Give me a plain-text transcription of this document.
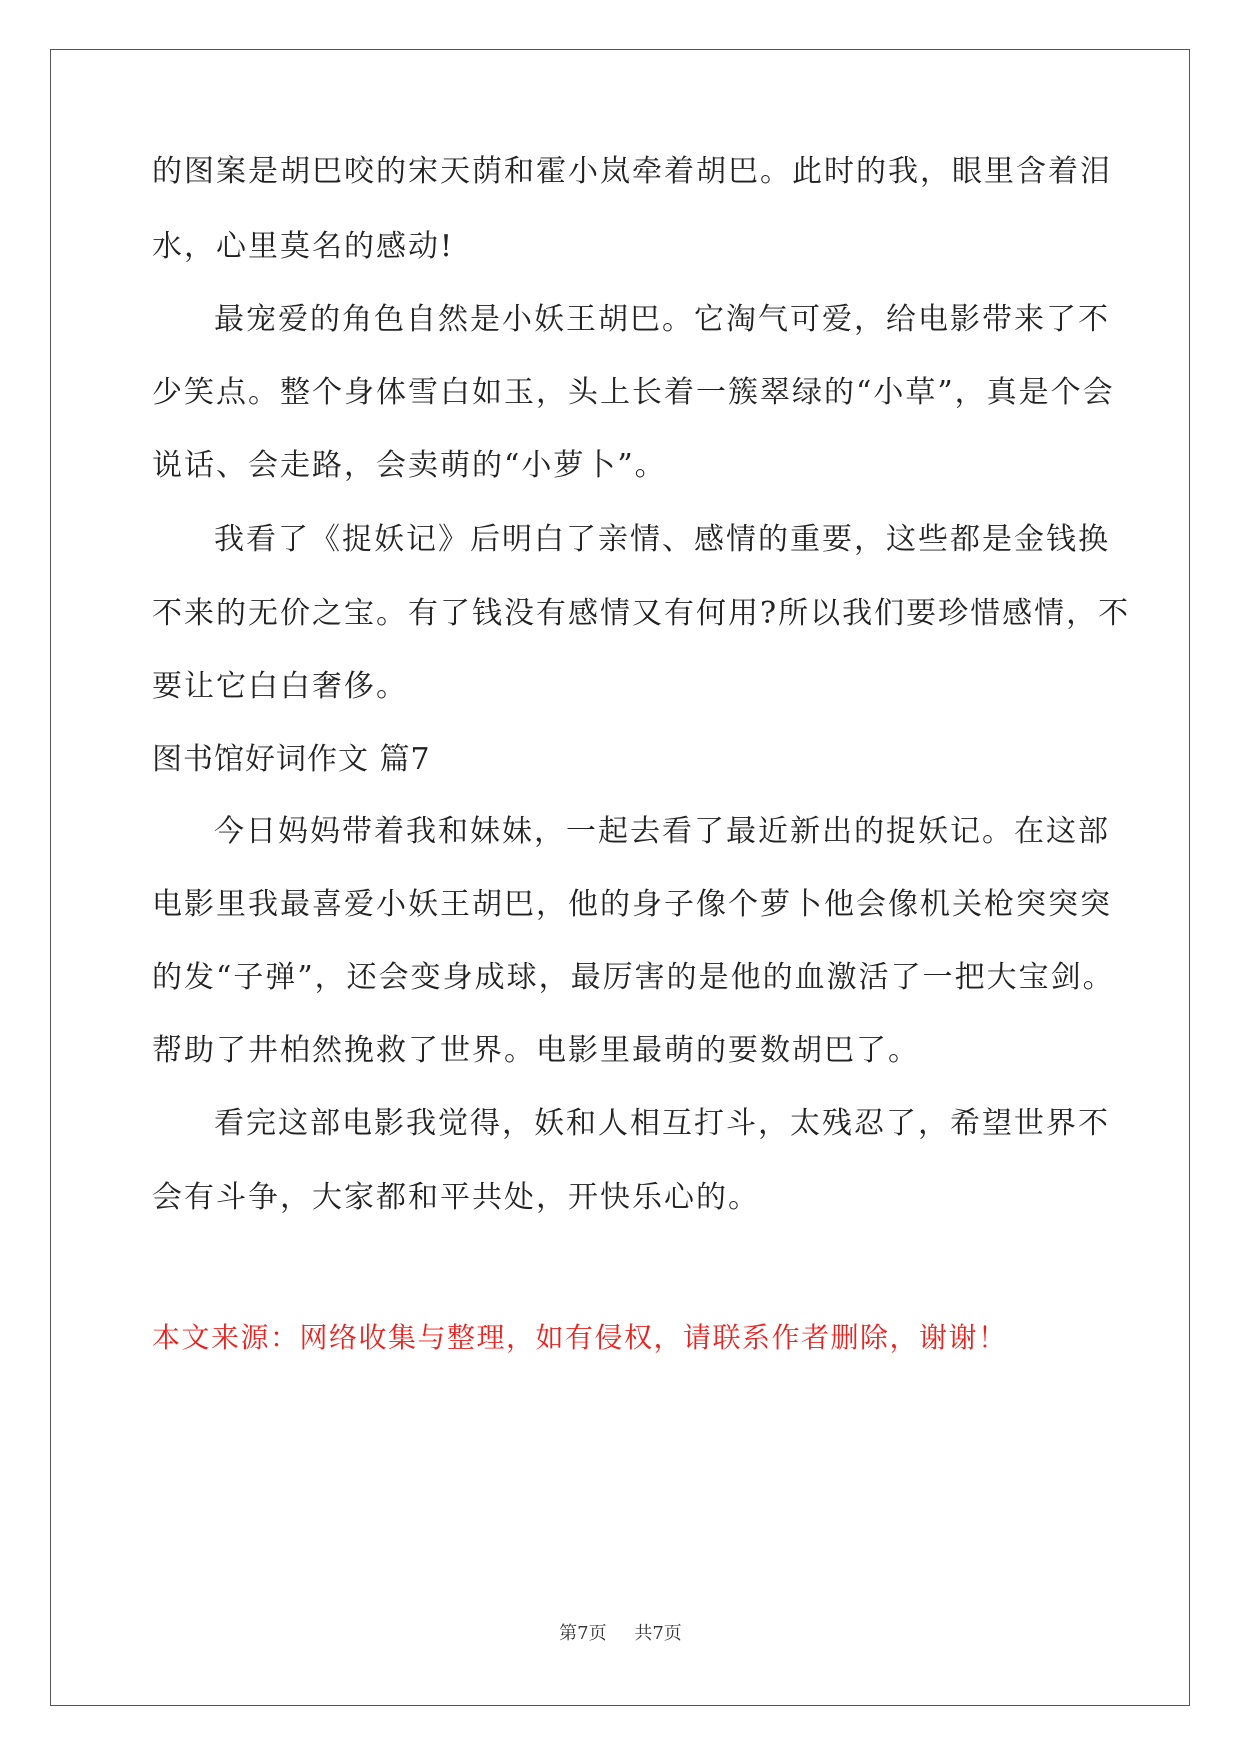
的图案是胡巴咬的宋天荫和霍小岚牵着胡巴。此时的我，眼里含着泪

水，心里莫名的感动!

最宠爱的角色自然是小妖王胡巴。它淘气可爱，给电影带来了不

少笑点。整个身体雪白如玉，头上长着一簇翠绿的“小草”，真是个会

说话、会走路，会卖萌的“小萝卜”。

我看了《捉妖记》后明白了亲情、感情的重要，这些都是金钱换

不来的无价之宝。有了钱没有感情又有何用?所以我们要珍惜感情，不

要让它白白奢侈。

图书馆好词作文 篇7

今日妈妈带着我和妹妹，一起去看了最近新出的捉妖记。在这部

电影里我最喜爱小妖王胡巴，他的身子像个萝卜他会像机关枪突突突

的发“子弹”，还会变身成球，最厉害的是他的血激活了一把大宝剑。

帮助了井柏然挽救了世界。电影里最萌的要数胡巴了。

看完这部电影我觉得，妖和人相互打斗，太残忍了，希望世界不

会有斗争，大家都和平共处，开快乐心的。

本文来源：网络收集与整理，如有侵权，请联系作者删除，谢谢！

第7页 共7页
